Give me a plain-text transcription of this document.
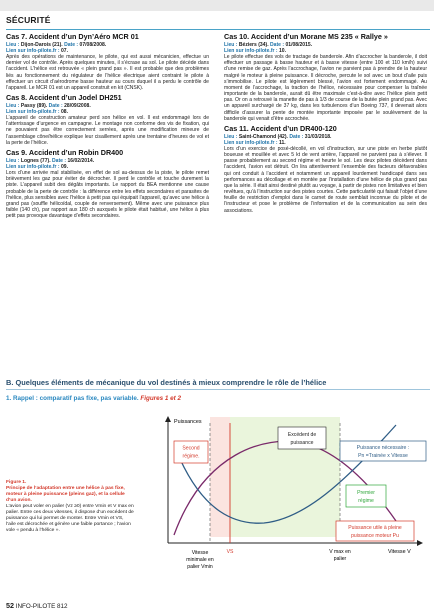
SÉCURITÉ
Cas 7. Accident d’un Dyn’Aéro MCR 01
Lieu : Dijon-Darois (21). Date : 07/08/2008.
Lien sur info-pilote.fr : 07.

Après des opérations de maintenance, le pilote, qui est aussi mécanicien, effectue un dernier vol de contrôle. Après quelques minutes, il s’écrase au sol. Le pilote décède dans l’accident. L’hélice est retrouvée « plein grand pas ». Il est probable que des problèmes liés au fonctionnement du régulateur de l’hélice électrique aient contraint le pilote à effectuer un circuit d’aérodrome basse hauteur au cours duquel il a perdu le contrôle de l’appareil. Le MCR 01 est un appareil construit en kit (CNSK).

Cas 8. Accident d’un Jodel DH251
Lieu : Passy (89). Date : 28/09/2008.
Lien sur info-pilote.fr : 08.

L’appareil de construction amateur perd son hélice en vol. Il est endommagé lors de l’atterrissage d’urgence en campagne. Le montage non conforme des vis de fixation, qui ne pouvaient pas être correctement serrées, après une modification mineure de l’assemblage cône/hélice explique leur cisaillement après une trentaine d’heures de vol et la perte de l’hélice.

Cas 9. Accident d’un Robin DR400
Lieu : Lognes (77). Date : 16/02/2014.
Lien sur info-pilote.fr : 09.

Lors d’une arrivée mal stabilisée, en effet de sol au-dessus de la piste, le pilote remet brièvement les gaz pour éviter de décrocher. Il perd le contrôle et touche durement la piste. L’appareil subit des dégâts importants. Le rapport du BEA mentionne une cause probable de la perte de contrôle : la différence entre les effets secondaires et parasites de l’hélice, plus sensibles avec l’hélice à petit pas qui équipait l’appareil, qu’avec une hélice à grand pas (souffle hélicoïdal, couple de renversement). Même avec une puissance plus faible (140 ch), par rapport aux 180 ch auxquels le pilote était habitué, une hélice à plus petit pas provoque davantage d’effets secondaires.

Cas 10. Accident d’un Morane MS 235 « Rallye »
Lieu : Béziers (34). Date : 01/08/2015.
Lien sur info-pilote.fr : 10.

Le pilote effectue des vols de tractage de banderole. Afin d’accrocher la banderole, il doit effectuer un passage à basse hauteur et à basse vitesse (entre 100 et 110 km/h) suivi d’une remise de gaz. Après l’accrochage, l’avion ne parvient pas à prendre de la hauteur malgré le moteur à pleine puissance. Il décroche, percute le sol avec un bout d’aile puis s’immobilise. Le pilote est légèrement blessé, l’avion est fortement endommagé. Au moment de l’accrochage, la traction de l’hélice, nécessaire pour compenser la traînée importante de la banderole, aurait dû être maximale c’est-à-dire avec l’hélice plein petit pas. Or on a retrouvé la manette de pas à 1/3 de course de la butée plein grand pas. Avec un appareil surchargé de 37 kg, dans les turbulences d’un Boeing 737, il devenait alors difficile d’assurer la pente de montée importante imposée par le soulèvement de la banderole qui venait d’être accrochée.

Cas 11. Accident d’un DR400-120
Lieu : Saint-Chamond (42). Date : 31/03/2018.
Lien sur info-pilote.fr : 11.

Lors d’un exercice de posé-décollé, en vol d’instruction, sur une piste en herbe plutôt boueuse et mouillée et avec 5 kt de vent arrière, l’appareil ne parvient pas à s’élever. Il passe probablement au second régime et heurte le sol. Les deux pilotes décèdent dans l’accident, l’avion est détruit. On lira attentivement l’ensemble des facteurs défavorables qui ont conduit à l’accident et notamment un appareil lourdement handicapé dans ses performances au décollage et en montée par l’installation d’une hélice de plus grand pas que la série. Il était ainsi destiné plutôt au voyage, à partir de pistes non limitatives et bien revêtues, qu’à l’instruction sur des pistes courtes. Cette particularité qui faisait l’objet d’une feuille de restriction d’emploi dans le carnet de route semblait inconnue du pilote et de l’instructeur et pose le problème de l’information et de la communication au sein des associations.

B. Quelques éléments de mécanique du vol destinés à mieux comprendre le rôle de l’hélice
1. Rappel : comparatif pas fixe, pas variable. Figures 1 et 2
Figure 1.
Principe de l’adaptation entre une hélice à pas fixe, moteur à pleine puissance (pleins gaz), et la cellule d’un avion.
L’avion peut voler en palier (Vz ≥0) entre Vmin et V max en palier. Entre ces deux vitesses, il dispose d’un excédent de puissance qui lui permet de monter. Entre Vmin et VS, l’aile est décrochée et génère une faible portance ; l’avion vole « pendu à l’hélice ».
Puissances
Vitesse V
Second
régime.
Excédent de
puissance
Puissance nécessaire :
Pn =Trainée x Vitesse
Premier
régime
Puissance utile à pleine
puissance moteur Pu
Vitesse
minimale en
palier Vmin
VS	V max en
palier
52 INFO-PILOTE 812
